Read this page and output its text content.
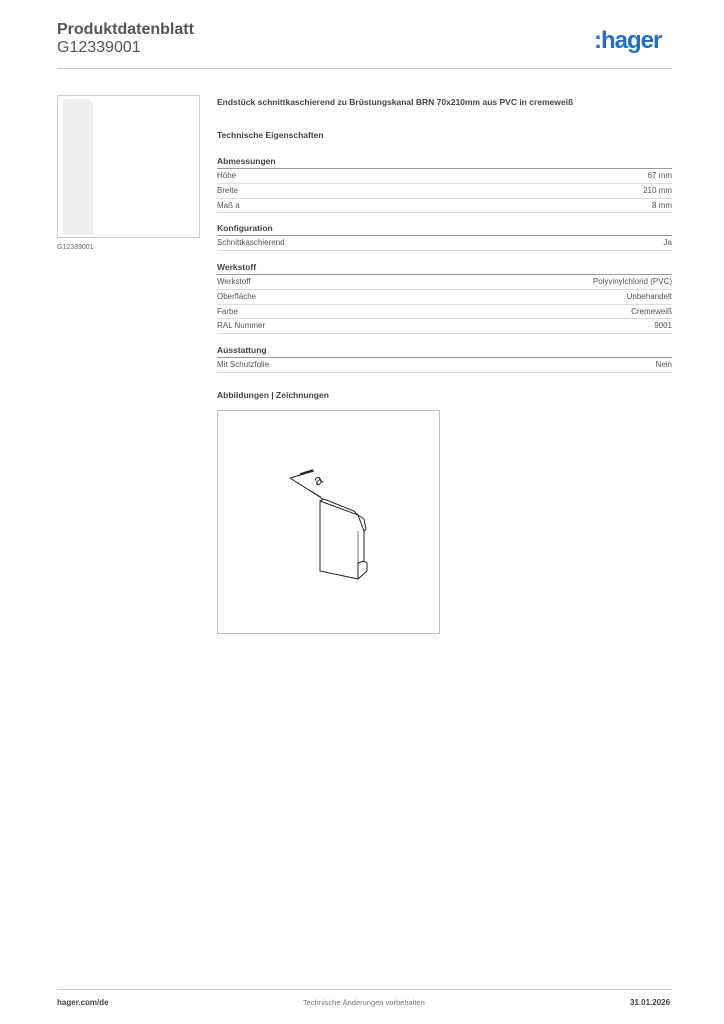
Produktdatenblatt
G12339001	:hager
G12339001
Endstück schnittkaschierend zu Brüstungskanal BRN 70x210mm aus PVC in cremeweiß
Technische Eigenschaften
Abmessungen
Höhe	67 mm
Breite	210 mm
Maß a	8 mm
Konfiguration
Schnittkaschierend	Ja
Werkstoff
Werkstoff	Polyvinylchlorid (PVC)
Oberfläche	Unbehandelt
Farbe	Cremeweiß
RAL Nummer	9001
Ausstattung
Mit Schutzfolie	Nein
Abbildungen | Zeichnungen
a
hager.com/de	Technische Änderungen vorbehalten	31.01.2026
